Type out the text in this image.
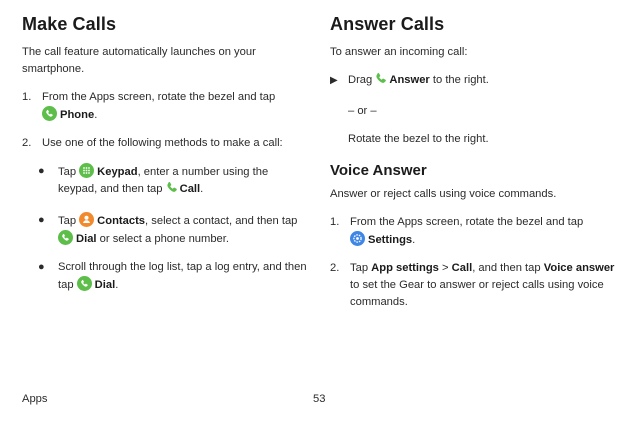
Make Calls

The call feature automatically launches on your smartphone.

1. From the Apps screen, rotate the bezel and tap

Phone.
2. Use one of the following methods to make a call:
● Tap
Keypad, enter a number using the keypad, and then tap Call.
● Tap
Contacts, select a contact, and then tap
Dial or select a phone number.
● Scroll through the log list, tap a log entry, and then tap
Dial.
Answer Calls

To answer an incoming call:

▶ Drag Answer to the right.

– or –

Rotate the bezel to the right.

Voice Answer

Answer or reject calls using voice commands.

1. From the Apps screen, rotate the bezel and tap

Settings.
2. Tap App settings > Call, and then tap Voice answer to set the Gear to answer or reject calls using voice commands.
Apps	53
